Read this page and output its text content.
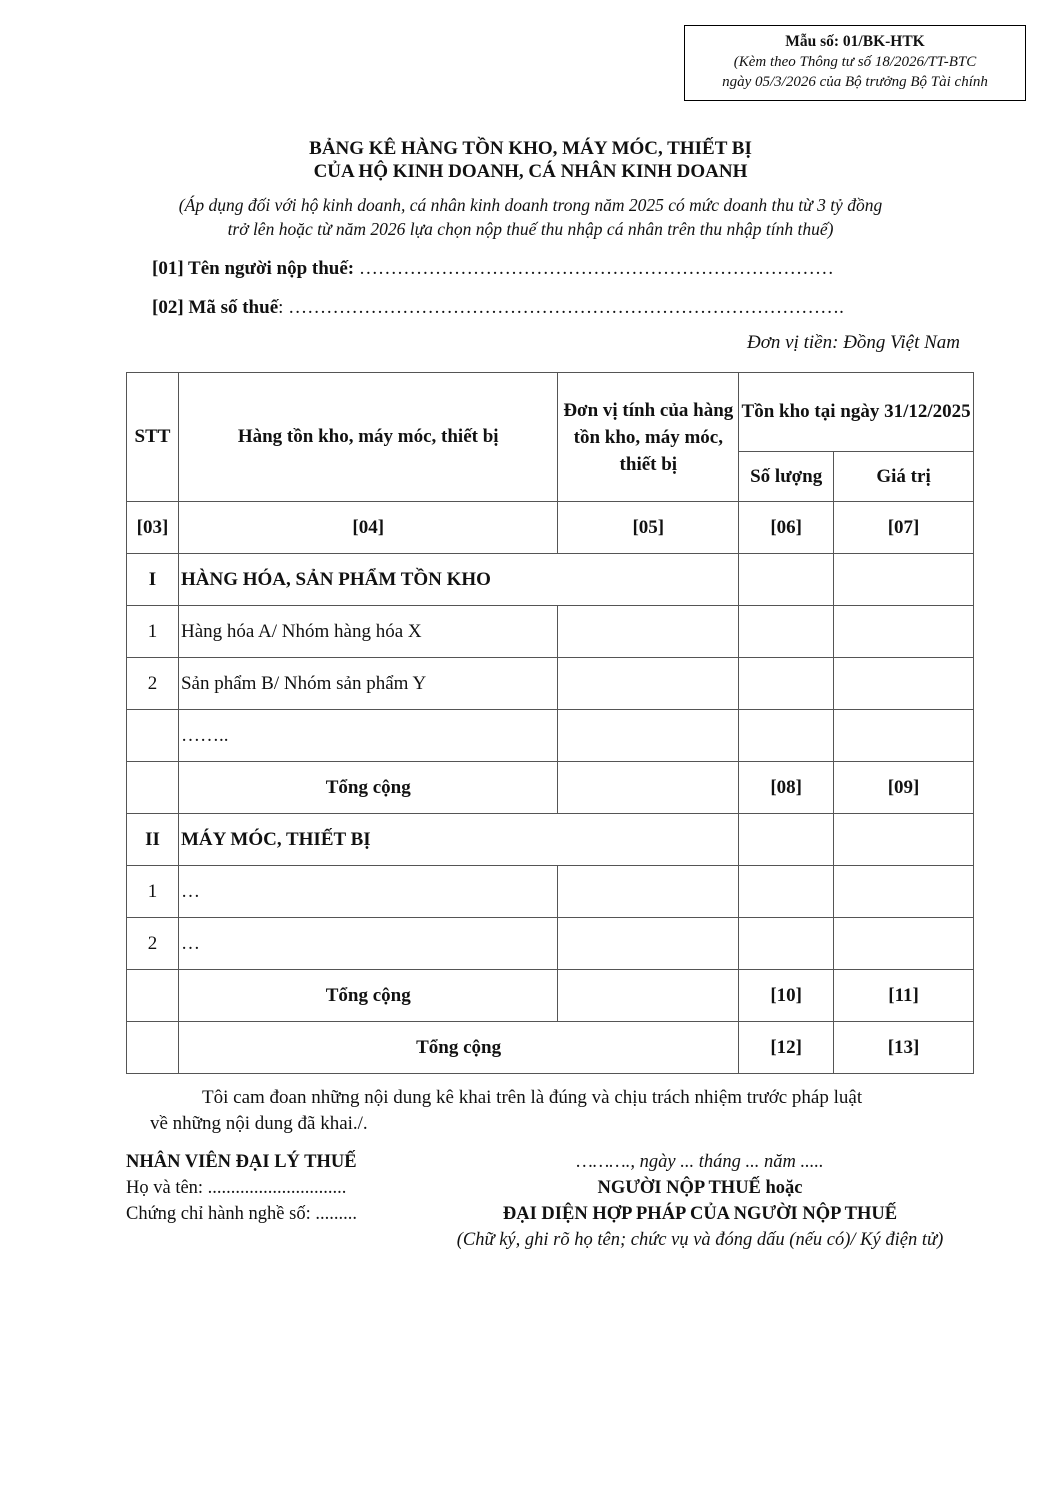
Mẫu số: 01/BK-HTK
(Kèm theo Thông tư số 18/2026/TT-BTC
ngày 05/3/2026 của Bộ trưởng Bộ Tài chính
BẢNG KÊ HÀNG TỒN KHO, MÁY MÓC, THIẾT BỊ
CỦA HỘ KINH DOANH, CÁ NHÂN KINH DOANH
(Áp dụng đối với hộ kinh doanh, cá nhân kinh doanh trong năm 2025 có mức doanh thu từ 3 tỷ đồng
trở lên hoặc từ năm 2026 lựa chọn nộp thuế thu nhập cá nhân trên thu nhập tính thuế)
[01] Tên người nộp thuế: …………………………………………………………………
[02] Mã số thuế: …………………………………………………………………………….
Đơn vị tiền: Đồng Việt Nam
STT	Hàng tồn kho, máy móc, thiết bị	Đơn vị tính của hàng tồn kho, máy móc, thiết bị	Tồn kho tại ngày 31/12/2025	
			Số lượng	Giá trị
[03]	[04]	[05]	[06]	[07]
I	HÀNG HÓA, SẢN PHẨM TỒN KHO			
1	Hàng hóa A/ Nhóm hàng hóa X			
2	Sản phẩm B/ Nhóm sản phẩm Y			
	……..			
	Tổng cộng		[08]	[09]
II	MÁY MÓC, THIẾT BỊ			
1	…			
2	…			
	Tổng cộng		[10]	[11]
	Tổng cộng		[12]	[13]
Tôi cam đoan những nội dung kê khai trên là đúng và chịu trách nhiệm trước pháp luật
về những nội dung đã khai./.
NHÂN VIÊN ĐẠI LÝ THUẾ
Họ và tên: ..............................
Chứng chỉ hành nghề số: .........
………., ngày ... tháng ... năm .....
NGƯỜI NỘP THUẾ hoặc
ĐẠI DIỆN HỢP PHÁP CỦA NGƯỜI NỘP THUẾ
(Chữ ký, ghi rõ họ tên; chức vụ và đóng dấu (nếu có)/ Ký điện tử)
